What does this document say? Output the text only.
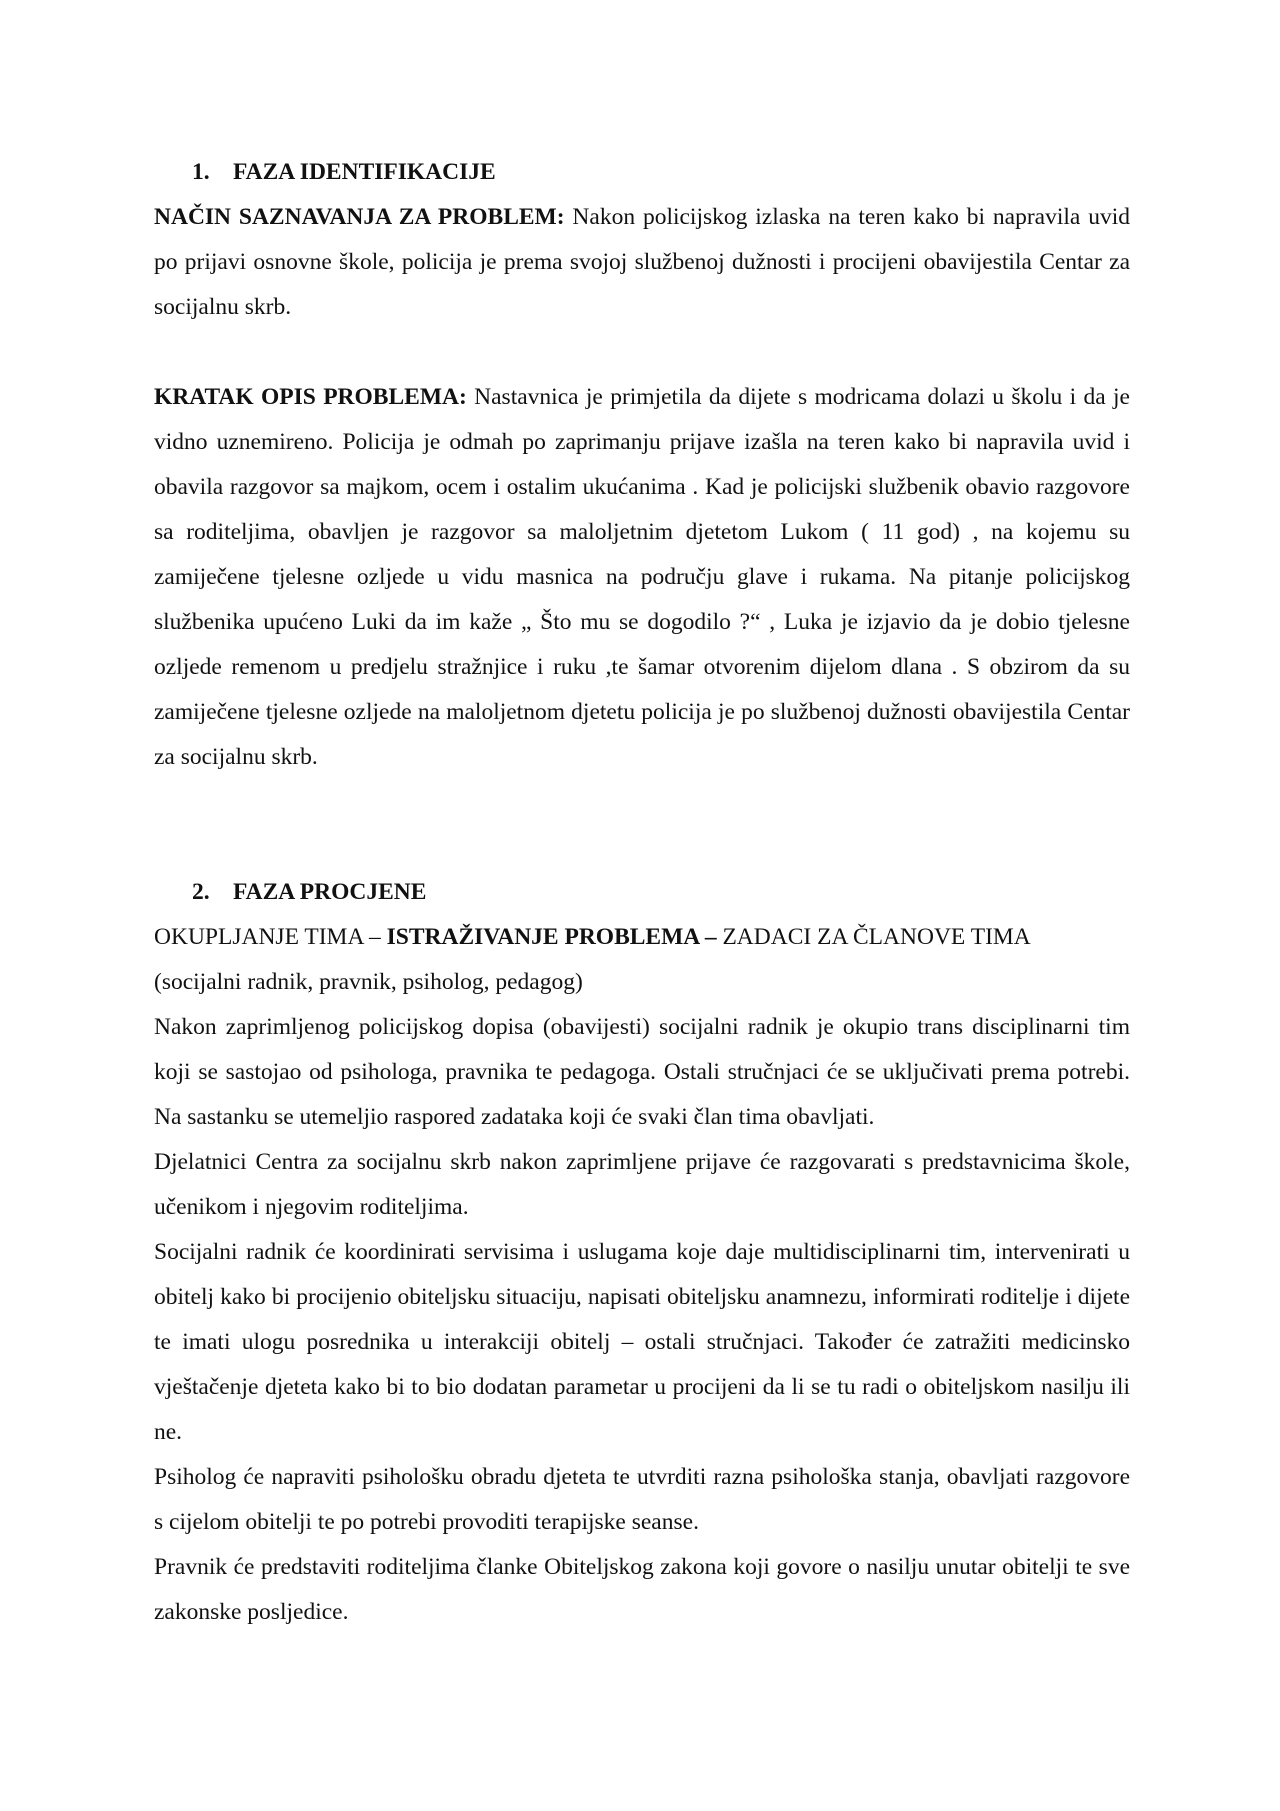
1. FAZA IDENTIFIKACIJE

NAČIN SAZNAVANJA ZA PROBLEM: Nakon policijskog izlaska na teren kako bi napravila uvid po prijavi osnovne škole, policija je prema svojoj službenoj dužnosti i procijeni obavijestila Centar za socijalnu skrb.

KRATAK OPIS PROBLEMA: Nastavnica je primjetila da dijete s modricama dolazi u školu i da je vidno uznemireno. Policija je odmah po zaprimanju prijave izašla na teren kako bi napravila uvid i obavila razgovor sa majkom, ocem i ostalim ukućanima . Kad je policijski službenik obavio razgovore sa roditeljima, obavljen je razgovor sa maloljetnim djetetom Lukom ( 11 god) , na kojemu su zamiječene tjelesne ozljede u vidu masnica na području glave i rukama. Na pitanje policijskog službenika upućeno Luki da im kaže „ Što mu se dogodilo ?“ , Luka je izjavio da je dobio tjelesne ozljede remenom u predjelu stražnjice i ruku ,te šamar otvorenim dijelom dlana . S obzirom da su zamiječene tjelesne ozljede na maloljetnom djetetu policija je po službenoj dužnosti obavijestila Centar za socijalnu skrb.

2. FAZA PROCJENE

OKUPLJANJE TIMA – ISTRAŽIVANJE PROBLEMA – ZADACI ZA ČLANOVE TIMA

(socijalni radnik, pravnik, psiholog, pedagog)

Nakon zaprimljenog policijskog dopisa (obavijesti) socijalni radnik je okupio trans disciplinarni tim koji se sastojao od psihologa, pravnika te pedagoga. Ostali stručnjaci će se uključivati prema potrebi. Na sastanku se utemeljio raspored zadataka koji će svaki član tima obavljati.

Djelatnici Centra za socijalnu skrb nakon zaprimljene prijave će razgovarati s predstavnicima škole, učenikom i njegovim roditeljima.

Socijalni radnik će koordinirati servisima i uslugama koje daje multidisciplinarni tim, intervenirati u obitelj kako bi procijenio obiteljsku situaciju, napisati obiteljsku anamnezu, informirati roditelje i dijete te imati ulogu posrednika u interakciji obitelj – ostali stručnjaci. Također će zatražiti medicinsko vještačenje djeteta kako bi to bio dodatan parametar u procijeni da li se tu radi o obiteljskom nasilju ili ne.

Psiholog će napraviti psihološku obradu djeteta te utvrditi razna psihološka stanja, obavljati razgovore s cijelom obitelji te po potrebi provoditi terapijske seanse.

Pravnik će predstaviti roditeljima članke Obiteljskog zakona koji govore o nasilju unutar obitelji te sve zakonske posljedice.
